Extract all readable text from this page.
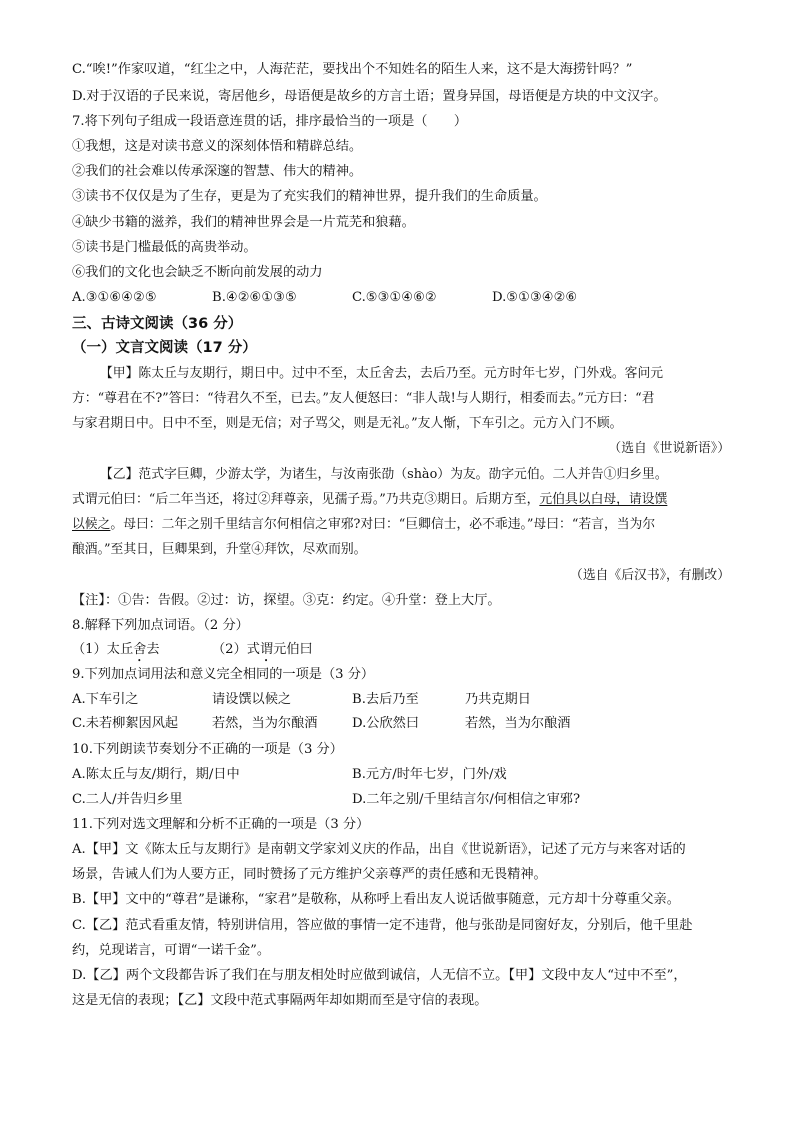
C.“唉!”作家叹道，“红尘之中，人海茫茫，要找出个不知姓名的陌生人来，这不是大海捞针吗？”
D.对于汉语的子民来说，寄居他乡，母语便是故乡的方言土语；置身异国，母语便是方块的中文汉字。
7.将下列句子组成一段语意连贯的话，排序最恰当的一项是（　　）
①我想，这是对读书意义的深刻体悟和精辟总结。
②我们的社会难以传承深邃的智慧、伟大的精神。
③读书不仅仅是为了生存，更是为了充实我们的精神世界，提升我们的生命质量。
④缺少书籍的滋养，我们的精神世界会是一片荒芜和狼藉。
⑤读书是门槛最低的高贵举动。
⑥我们的文化也会缺乏不断向前发展的动力
A.③①⑥④②⑤	B.④②⑥①③⑤	C.⑤③①④⑥②	D.⑤①③④②⑥
三、古诗文阅读（36 分）
（一）文言文阅读（17 分）
【甲】陈太丘与友期行，期日中。过中不至，太丘舍去，去后乃至。元方时年七岁，门外戏。客问元
方：“尊君在不?”答曰：“待君久不至，已去。”友人便怒曰：“非人哉!与人期行，相委而去。”元方曰：“君
与家君期日中。日中不至，则是无信；对子骂父，则是无礼。”友人惭，下车引之。元方入门不顾。
（选自《世说新语》）
【乙】范式字巨卿，少游太学，为诸生，与汝南张劭（shào）为友。劭字元伯。二人并告①归乡里。
式谓元伯曰：“后二年当还，将过②拜尊亲，见孺子焉。”乃共克③期日。后期方至，元伯具以白母，请设馔
以候之。母曰：二年之别千里结言尔何相信之审邪?对曰：“巨卿信士，必不乖违。”母曰：“若言，当为尔
酿酒。”至其日，巨卿果到，升堂④拜饮，尽欢而别。
（选自《后汉书》，有删改）
【注】：①告：告假。②过：访，探望。③克：约定。④升堂：登上大厅。
8.解释下列加点词语。（2 分）
（1）太丘舍去	（2）式谓元伯曰
9.下列加点词用法和意义完全相同的一项是（3 分）
A.下车引之	请设馔以候之	B.去后乃至	乃共克期日
C.未若柳絮因风起	若然，当为尔酿酒	D.公欣然曰	若然，当为尔酿酒
10.下列朗读节奏划分不正确的一项是（3 分）
A.陈太丘与友/期行，期/日中	B.元方/时年七岁，门外/戏
C.二人/并告归乡里	D.二年之别/千里结言尔/何相信之审邪?
11.下列对选文理解和分析不正确的一项是（3 分）
A.【甲】文《陈太丘与友期行》是南朝文学家刘义庆的作品，出自《世说新语》，记述了元方与来客对话的
场景，告诫人们为人要方正，同时赞扬了元方维护父亲尊严的责任感和无畏精神。
B.【甲】文中的“尊君”是谦称，“家君”是敬称，从称呼上看出友人说话做事随意，元方却十分尊重父亲。
C.【乙】范式看重友情，特别讲信用，答应做的事情一定不违背，他与张劭是同窗好友，分别后，他千里赴
约，兑现诺言，可谓“一诺千金”。
D.【乙】两个文段都告诉了我们在与朋友相处时应做到诚信，人无信不立。【甲】文段中友人“过中不至”，
这是无信的表现；【乙】文段中范式事隔两年却如期而至是守信的表现。
